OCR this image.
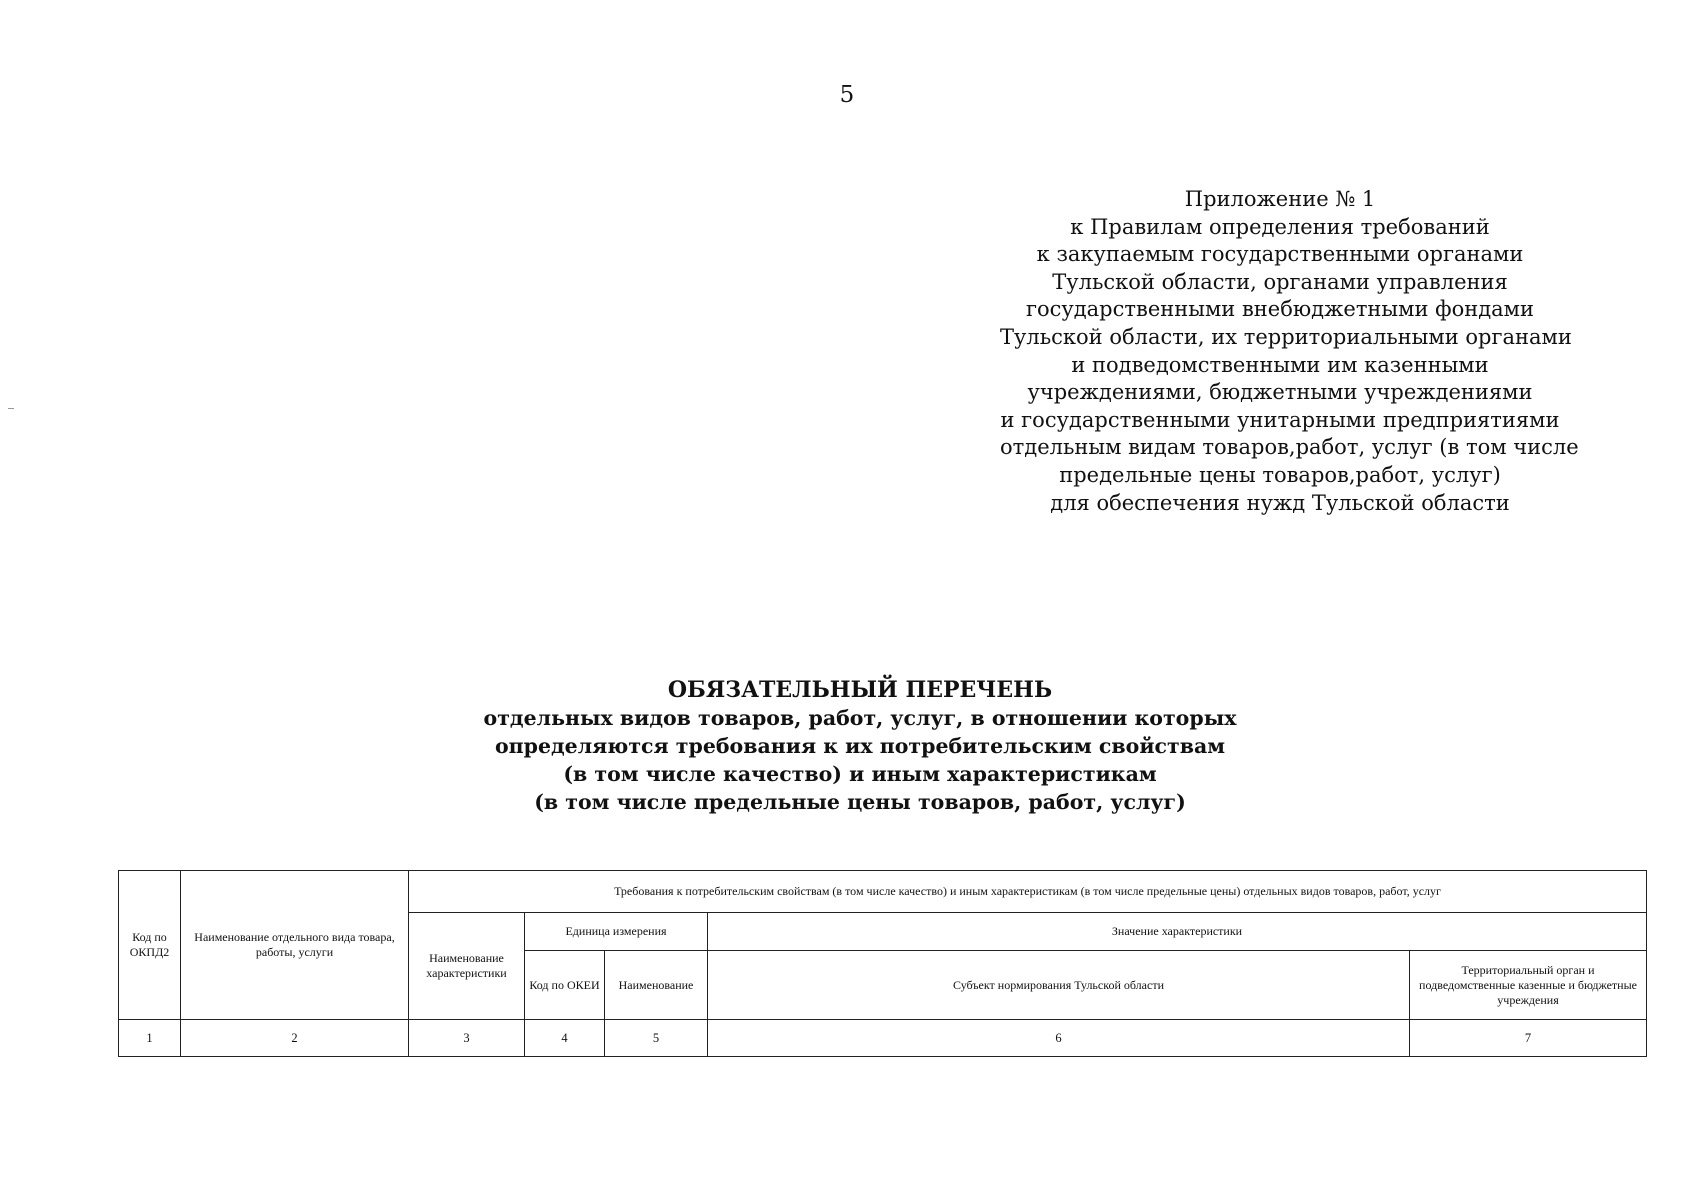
5
Приложение № 1
к Правилам определения требований
к закупаемым государственными органами
Тульской области, органами управления
государственными внебюджетными фондами
Тульской области, их территориальными органами
и подведомственными им казенными
учреждениями, бюджетными учреждениями
и государственными унитарными предприятиями
отдельным видам товаров,работ, услуг (в том числе
предельные цены товаров,работ, услуг)
для обеспечения нужд Тульской области
ОБЯЗАТЕЛЬНЫЙ ПЕРЕЧЕНЬ
отдельных видов товаров, работ, услуг, в отношении которых
определяются требования к их потребительским свойствам
(в том числе качество) и иным характеристикам
(в том числе предельные цены товаров, работ, услуг)
Код по ОКПД2	Наименование отдельного вида товара, работы, услуги	Требования к потребительским свойствам (в том числе качество) и иным характеристикам (в том числе предельные цены) отдельных видов товаров, работ, услуг				
		Наименование характеристики	Единица измерения		Значение характеристики	
			Код по ОКЕИ	Наименование	Субъект нормирования Тульской области	Территориальный орган и подведомственные казенные и бюджетные учреждения
1	2	3	4	5	6	7
